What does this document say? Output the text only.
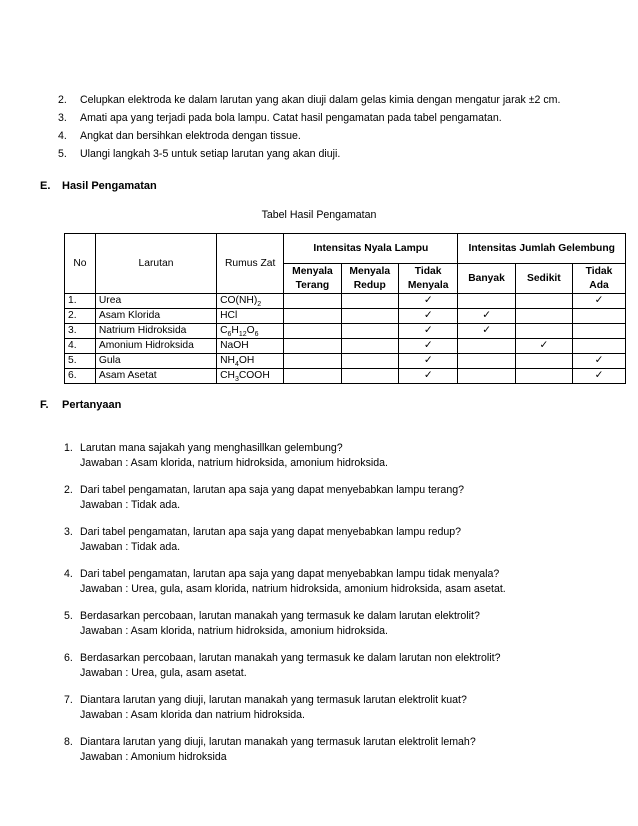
2. Celupkan elektroda ke dalam larutan yang akan diuji dalam gelas kimia dengan mengatur jarak ±2 cm.
3. Amati apa yang terjadi pada bola lampu. Catat hasil pengamatan pada tabel pengamatan.
4. Angkat dan bersihkan elektroda dengan tissue.
5. Ulangi langkah 3-5 untuk setiap larutan yang akan diuji.
E. Hasil Pengamatan
Tabel Hasil Pengamatan
No	Larutan	Rumus Zat	Intensitas Nyala Lampu			Intensitas Jumlah Gelembung		
			Menyala Terang	Menyala Redup	Tidak Menyala	Banyak	Sedikit	Tidak Ada
1.	Urea	$CO(NH)_2$			✓			✓
2.	Asam Klorida	HCl			✓	✓		
3.	Natrium Hidroksida	$C_6H_{12}O_6$			✓	✓		
4.	Amonium Hidroksida	NaOH			✓		✓	
5.	Gula	$NH_4OH$			✓			✓
6.	Asam Asetat	$CH_3COOH$			✓			✓
F. Pertanyaan
1. Larutan mana sajakah yang menghasillkan gelembung?
Jawaban : Asam klorida, natrium hidroksida, amonium hidroksida.
2. Dari tabel pengamatan, larutan apa saja yang dapat menyebabkan lampu terang?
Jawaban : Tidak ada.
3. Dari tabel pengamatan, larutan apa saja yang dapat menyebabkan lampu redup?
Jawaban : Tidak ada.
4. Dari tabel pengamatan, larutan apa saja yang dapat menyebabkan lampu tidak menyala?
Jawaban : Urea, gula, asam klorida, natrium hidroksida, amonium hidroksida, asam asetat.
5. Berdasarkan percobaan, larutan manakah yang termasuk ke dalam larutan elektrolit?
Jawaban : Asam klorida, natrium hidroksida, amonium hidroksida.
6. Berdasarkan percobaan, larutan manakah yang termasuk ke dalam larutan non elektrolit?
Jawaban : Urea, gula, asam asetat.
7. Diantara larutan yang diuji, larutan manakah yang termasuk larutan elektrolit kuat?
Jawaban : Asam klorida dan natrium hidroksida.
8. Diantara larutan yang diuji, larutan manakah yang termasuk larutan elektrolit lemah?
Jawaban : Amonium hidroksida
